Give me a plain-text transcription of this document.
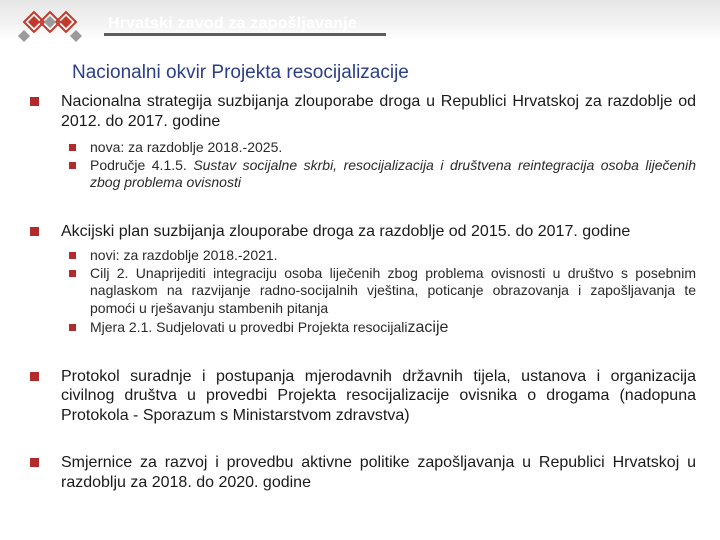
Hrvatski zavod za zapošljavanje
Nacionalni okvir Projekta resocijalizacije
Nacionalna strategija suzbijanja zlouporabe droga u Republici Hrvatskoj za razdoblje od 2012. do 2017. godine
nova: za razdoblje 2018.-2025.
Područje 4.1.5. Sustav socijalne skrbi, resocijalizacija i društvena reintegracija osoba liječenih zbog problema ovisnosti
Akcijski plan suzbijanja zlouporabe droga za razdoblje od 2015. do 2017. godine
novi: za razdoblje 2018.-2021.
Cilj 2. Unaprijediti integraciju osoba liječenih zbog problema ovisnosti u društvo s posebnim naglaskom na razvijanje radno-socijalnih vještina, poticanje obrazovanja i zapošljavanja te pomoći u rješavanju stambenih pitanja
Mjera 2.1. Sudjelovati u provedbi Projekta resocijalizacije
Protokol suradnje i postupanja mjerodavnih državnih tijela, ustanova i organizacija civilnog društva u provedbi Projekta resocijalizacije ovisnika o drogama (nadopuna Protokola - Sporazum s Ministarstvom zdravstva)
Smjernice za razvoj i provedbu aktivne politike zapošljavanja u Republici Hrvatskoj u razdoblju za 2018. do 2020. godine
